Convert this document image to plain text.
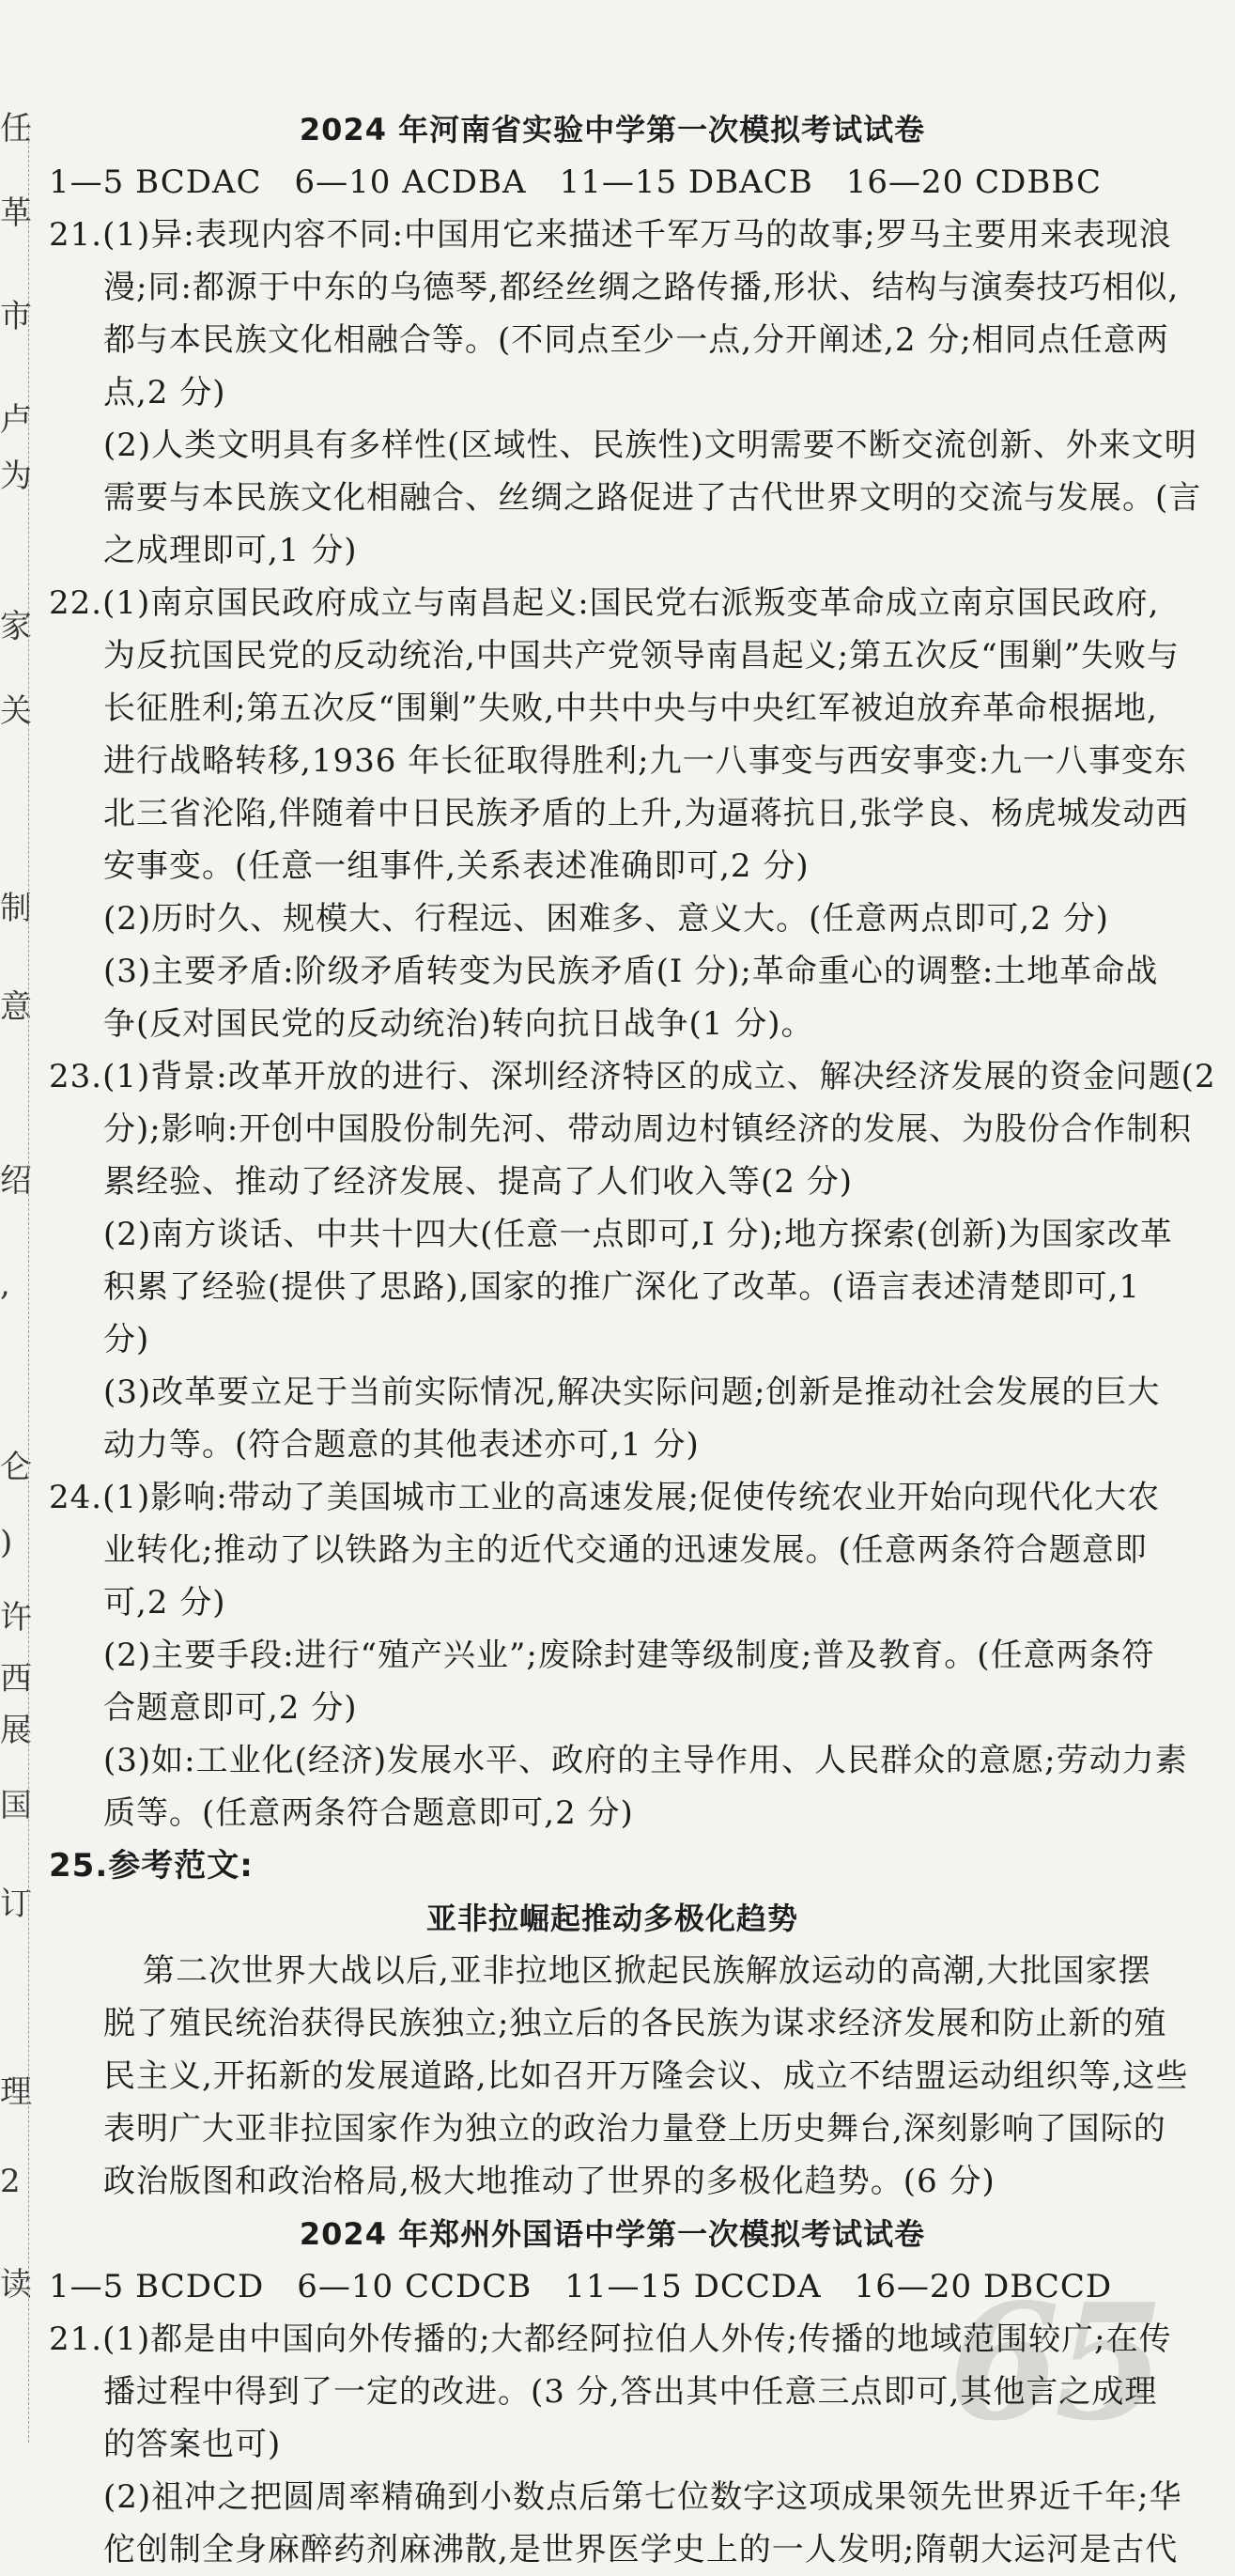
任
革
市
卢
为
家
关
制
意
绍
,
仑
)
许
西
展
国
订
理
2
读	65
2024 年河南省实验中学第一次模拟考试试卷
1—5 BCDAC　6—10 ACDBA　11—15 DBACB　16—20 CDBBC
21.(1)异:表现内容不同:中国用它来描述千军万马的故事;罗马主要用来表现浪
漫;同:都源于中东的乌德琴,都经丝绸之路传播,形状、结构与演奏技巧相似,
都与本民族文化相融合等。(不同点至少一点,分开阐述,2 分;相同点任意两
点,2 分)
(2)人类文明具有多样性(区域性、民族性)文明需要不断交流创新、外来文明
需要与本民族文化相融合、丝绸之路促进了古代世界文明的交流与发展。(言
之成理即可,1 分)
22.(1)南京国民政府成立与南昌起义:国民党右派叛变革命成立南京国民政府,
为反抗国民党的反动统治,中国共产党领导南昌起义;第五次反“围剿”失败与
长征胜利;第五次反“围剿”失败,中共中央与中央红军被迫放弃革命根据地,
进行战略转移,1936 年长征取得胜利;九一八事变与西安事变:九一八事变东
北三省沦陷,伴随着中日民族矛盾的上升,为逼蒋抗日,张学良、杨虎城发动西
安事变。(任意一组事件,关系表述准确即可,2 分)
(2)历时久、规模大、行程远、困难多、意义大。(任意两点即可,2 分)
(3)主要矛盾:阶级矛盾转变为民族矛盾(I 分);革命重心的调整:土地革命战
争(反对国民党的反动统治)转向抗日战争(1 分)。
23.(1)背景:改革开放的进行、深圳经济特区的成立、解决经济发展的资金问题(2
分);影响:开创中国股份制先河、带动周边村镇经济的发展、为股份合作制积
累经验、推动了经济发展、提高了人们收入等(2 分)
(2)南方谈话、中共十四大(任意一点即可,I 分);地方探索(创新)为国家改革
积累了经验(提供了思路),国家的推广深化了改革。(语言表述清楚即可,1
分)
(3)改革要立足于当前实际情况,解决实际问题;创新是推动社会发展的巨大
动力等。(符合题意的其他表述亦可,1 分)
24.(1)影响:带动了美国城市工业的高速发展;促使传统农业开始向现代化大农
业转化;推动了以铁路为主的近代交通的迅速发展。(任意两条符合题意即
可,2 分)
(2)主要手段:进行“殖产兴业”;废除封建等级制度;普及教育。(任意两条符
合题意即可,2 分)
(3)如:工业化(经济)发展水平、政府的主导作用、人民群众的意愿;劳动力素
质等。(任意两条符合题意即可,2 分)
25.参考范文:
亚非拉崛起推动多极化趋势
第二次世界大战以后,亚非拉地区掀起民族解放运动的高潮,大批国家摆
脱了殖民统治获得民族独立;独立后的各民族为谋求经济发展和防止新的殖
民主义,开拓新的发展道路,比如召开万隆会议、成立不结盟运动组织等,这些
表明广大亚非拉国家作为独立的政治力量登上历史舞台,深刻影响了国际的
政治版图和政治格局,极大地推动了世界的多极化趋势。(6 分)
2024 年郑州外国语中学第一次模拟考试试卷
1—5 BCDCD　6—10 CCDCB　11—15 DCCDA　16—20 DBCCD
21.(1)都是由中国向外传播的;大都经阿拉伯人外传;传播的地域范围较广;在传
播过程中得到了一定的改进。(3 分,答出其中任意三点即可,其他言之成理
的答案也可)
(2)祖冲之把圆周率精确到小数点后第七位数字这项成果领先世界近千年;华
佗创制全身麻醉药剂麻沸散,是世界医学史上的一人发明;隋朝大运河是古代
